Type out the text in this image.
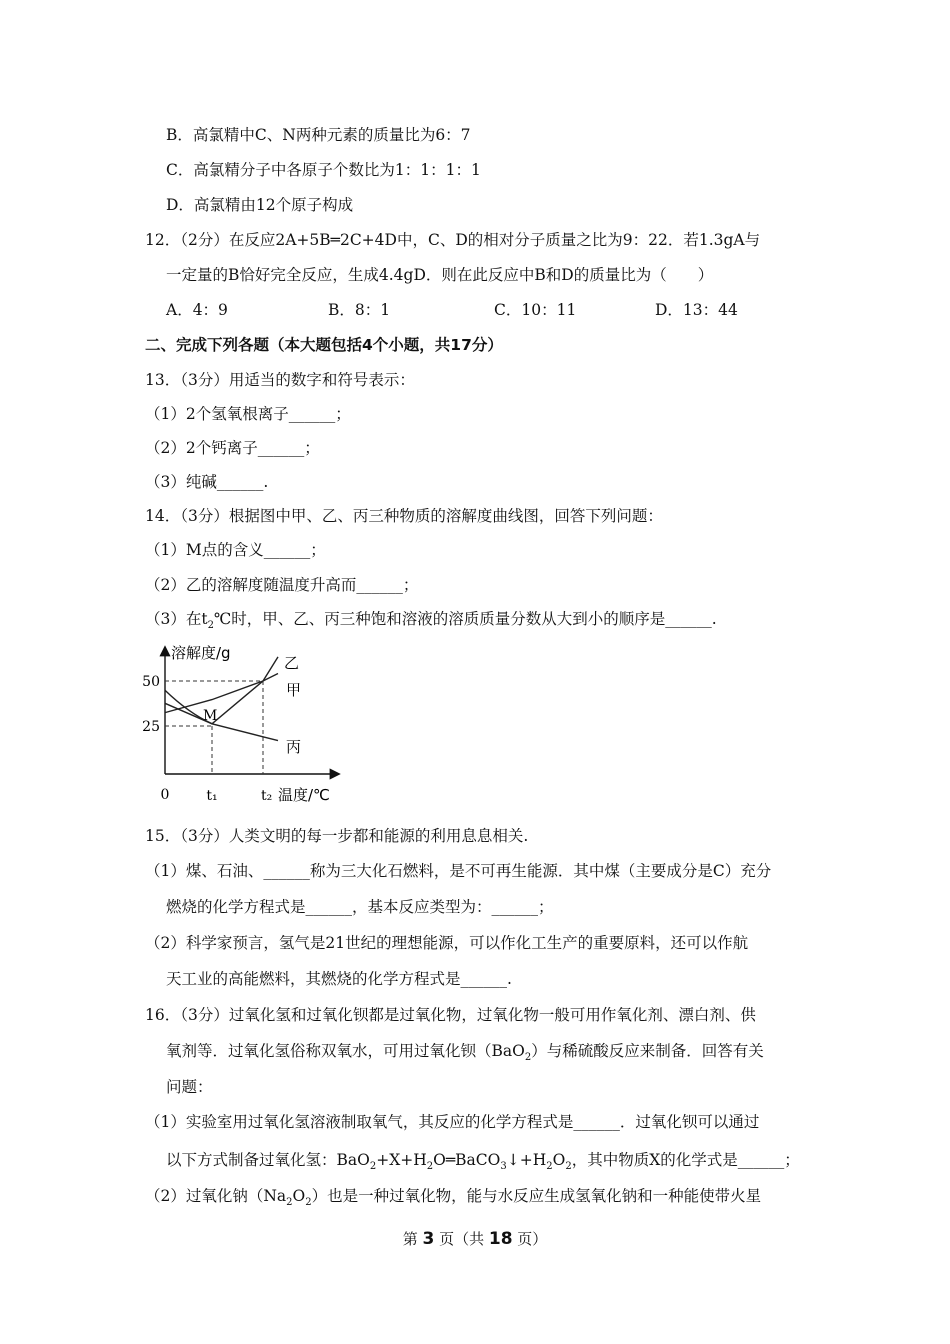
B．高氯精中C、N两种元素的质量比为6：7
C．高氯精分子中各原子个数比为1：1：1：1
D．高氯精由12个原子构成
12．（2分）在反应2A+5B═2C+4D中，C、D的相对分子质量之比为9：22．若1.3gA与
一定量的B恰好完全反应，生成4.4gD．则在此反应中B和D的质量比为（　　）
A．4：9	B．8：1	C．10：11	D．13：44
二、完成下列各题（本大题包括4个小题，共17分）
13．（3分）用适当的数字和符号表示：
（1）2个氢氧根离子______；
（2）2个钙离子______；
（3）纯碱______.
14．（3分）根据图中甲、乙、丙三种物质的溶解度曲线图，回答下列问题：
（1）M点的含义______；
（2）乙的溶解度随温度升高而______；
（3）在$t_2℃$时，甲、乙、丙三种饱和溶液的溶质质量分数从大到小的顺序是______.
溶解度/g
50
25
0	t₁	t₂ 温度/℃
M
乙
甲
丙
15．（3分）人类文明的每一步都和能源的利用息息相关.
（1）煤、石油、______称为三大化石燃料，是不可再生能源．其中煤（主要成分是C）充分
燃烧的化学方程式是______，基本反应类型为：______；
（2）科学家预言，氢气是21世纪的理想能源，可以作化工生产的重要原料，还可以作航
天工业的高能燃料，其燃烧的化学方程式是______.
16．（3分）过氧化氢和过氧化钡都是过氧化物，过氧化物一般可用作氧化剂、漂白剂、供
氧剂等．过氧化氢俗称双氧水，可用过氧化钡（BaO$_2$）与稀硫酸反应来制备．回答有关
问题：
（1）实验室用过氧化氢溶液制取氧气，其反应的化学方程式是______．过氧化钡可以通过
以下方式制备过氧化氢：$BaO_2+X+H_2O═BaCO_3↓+H_2O_2$，其中物质X的化学式是______；
（2）过氧化钠$(Na_2O_2)$也是一种过氧化物，能与水反应生成氢氧化钠和一种能使带火星
第 3 页（共 18 页）
